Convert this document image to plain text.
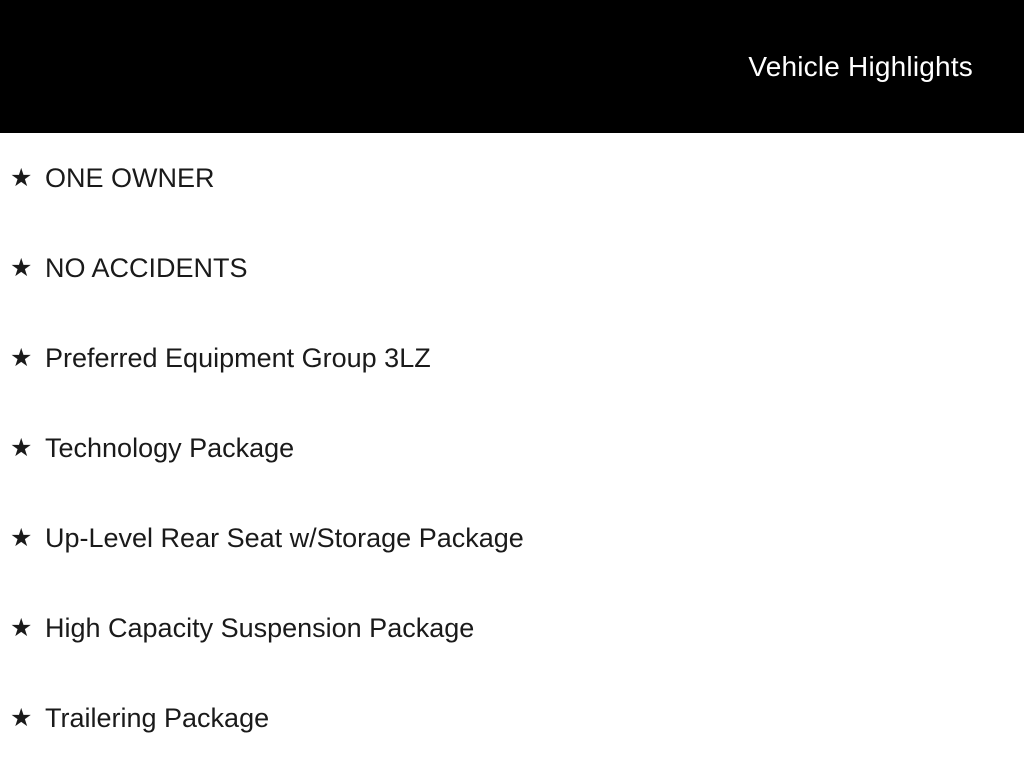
Vehicle Highlights
★ ONE OWNER
★ NO ACCIDENTS
★ Preferred Equipment Group 3LZ
★ Technology Package
★ Up-Level Rear Seat w/Storage Package
★ High Capacity Suspension Package
★ Trailering Package
